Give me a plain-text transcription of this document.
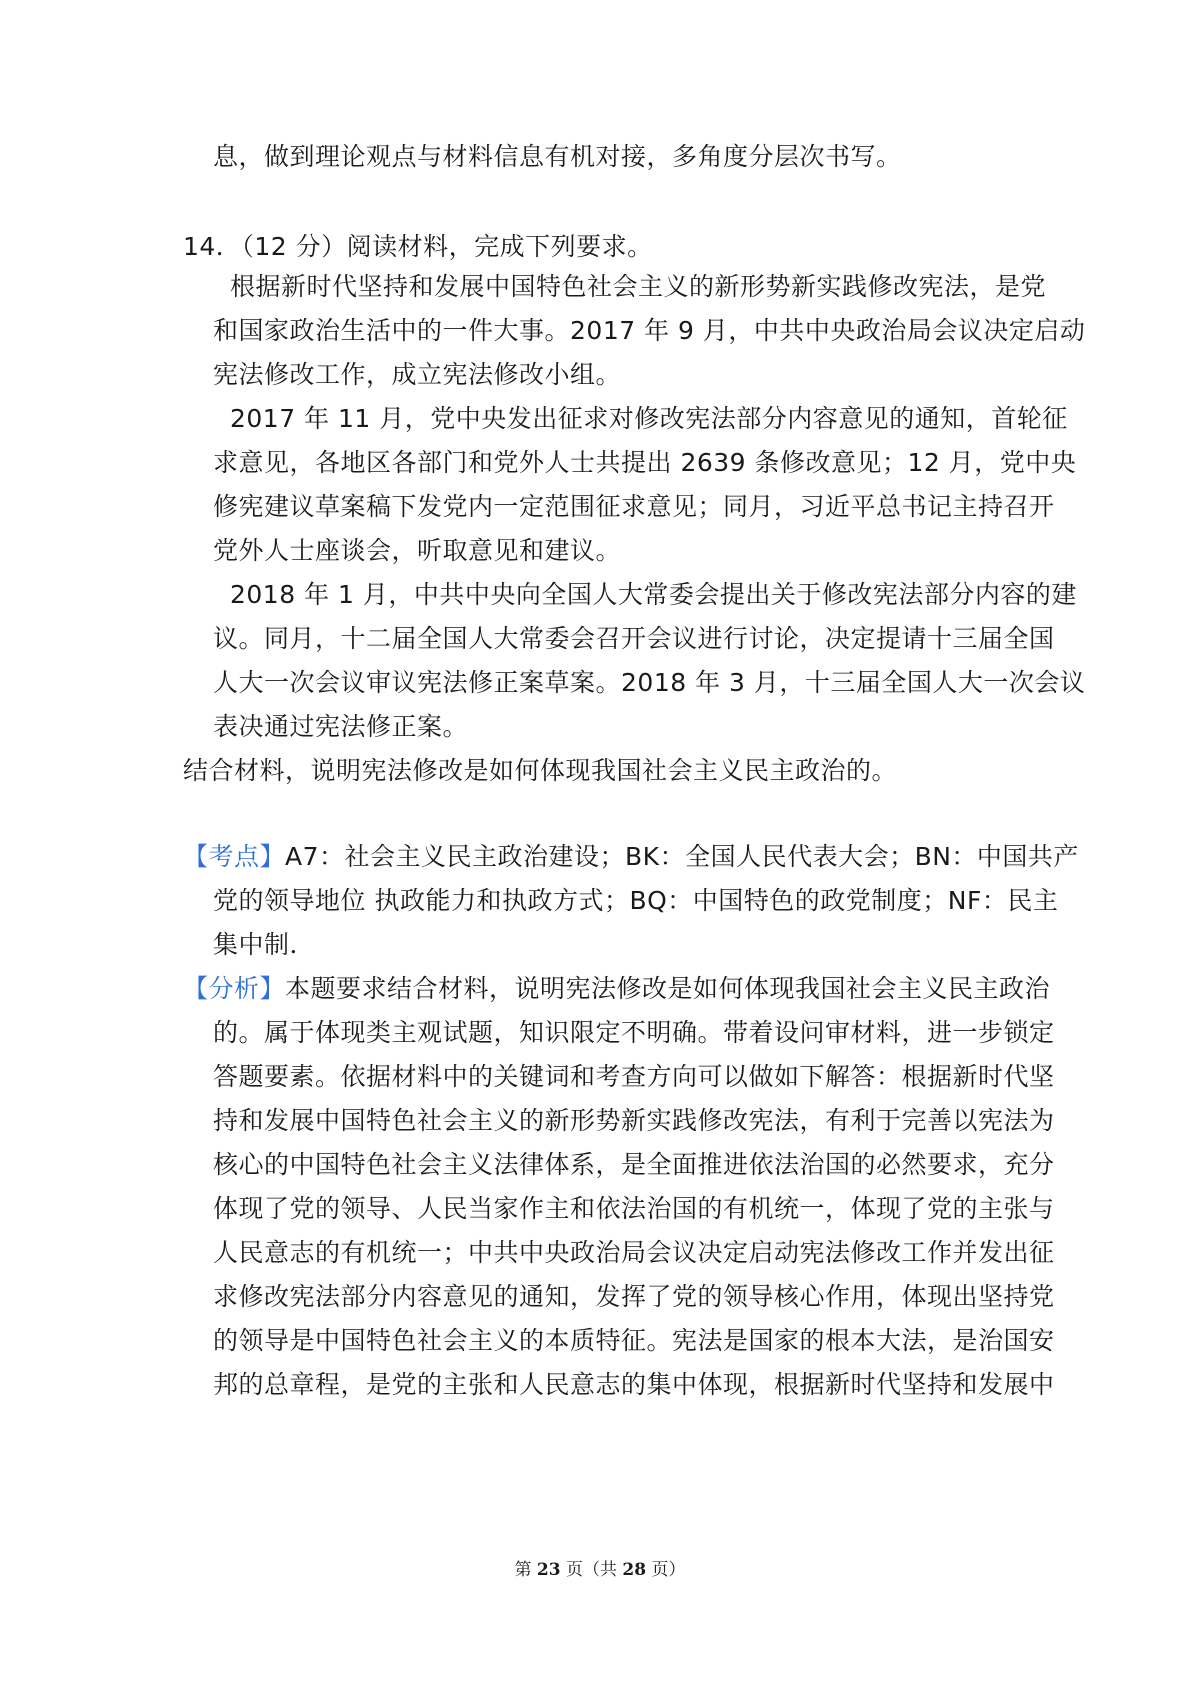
息，做到理论观点与材料信息有机对接，多角度分层次书写。
14．（12 分）阅读材料，完成下列要求。
根据新时代坚持和发展中国特色社会主义的新形势新实践修改宪法，是党
和国家政治生活中的一件大事。2017 年 9 月，中共中央政治局会议决定启动
宪法修改工作，成立宪法修改小组。
2017 年 11 月，党中央发出征求对修改宪法部分内容意见的通知，首轮征
求意见，各地区各部门和党外人士共提出 2639 条修改意见；12 月，党中央
修宪建议草案稿下发党内一定范围征求意见；同月，习近平总书记主持召开
党外人士座谈会，听取意见和建议。
2018 年 1 月，中共中央向全国人大常委会提出关于修改宪法部分内容的建
议。同月，十二届全国人大常委会召开会议进行讨论，决定提请十三届全国
人大一次会议审议宪法修正案草案。2018 年 3 月，十三届全国人大一次会议
表决通过宪法修正案。
结合材料，说明宪法修改是如何体现我国社会主义民主政治的。
【考点】A7：社会主义民主政治建设；BK：全国人民代表大会；BN：中国共产
党的领导地位 执政能力和执政方式；BQ：中国特色的政党制度；NF：民主
集中制．
【分析】本题要求结合材料，说明宪法修改是如何体现我国社会主义民主政治
的。属于体现类主观试题，知识限定不明确。带着设问审材料，进一步锁定
答题要素。依据材料中的关键词和考查方向可以做如下解答：根据新时代坚
持和发展中国特色社会主义的新形势新实践修改宪法，有利于完善以宪法为
核心的中国特色社会主义法律体系，是全面推进依法治国的必然要求，充分
体现了党的领导、人民当家作主和依法治国的有机统一，体现了党的主张与
人民意志的有机统一；中共中央政治局会议决定启动宪法修改工作并发出征
求修改宪法部分内容意见的通知，发挥了党的领导核心作用，体现出坚持党
的领导是中国特色社会主义的本质特征。宪法是国家的根本大法，是治国安
邦的总章程，是党的主张和人民意志的集中体现，根据新时代坚持和发展中
第 23 页（共 28 页）
